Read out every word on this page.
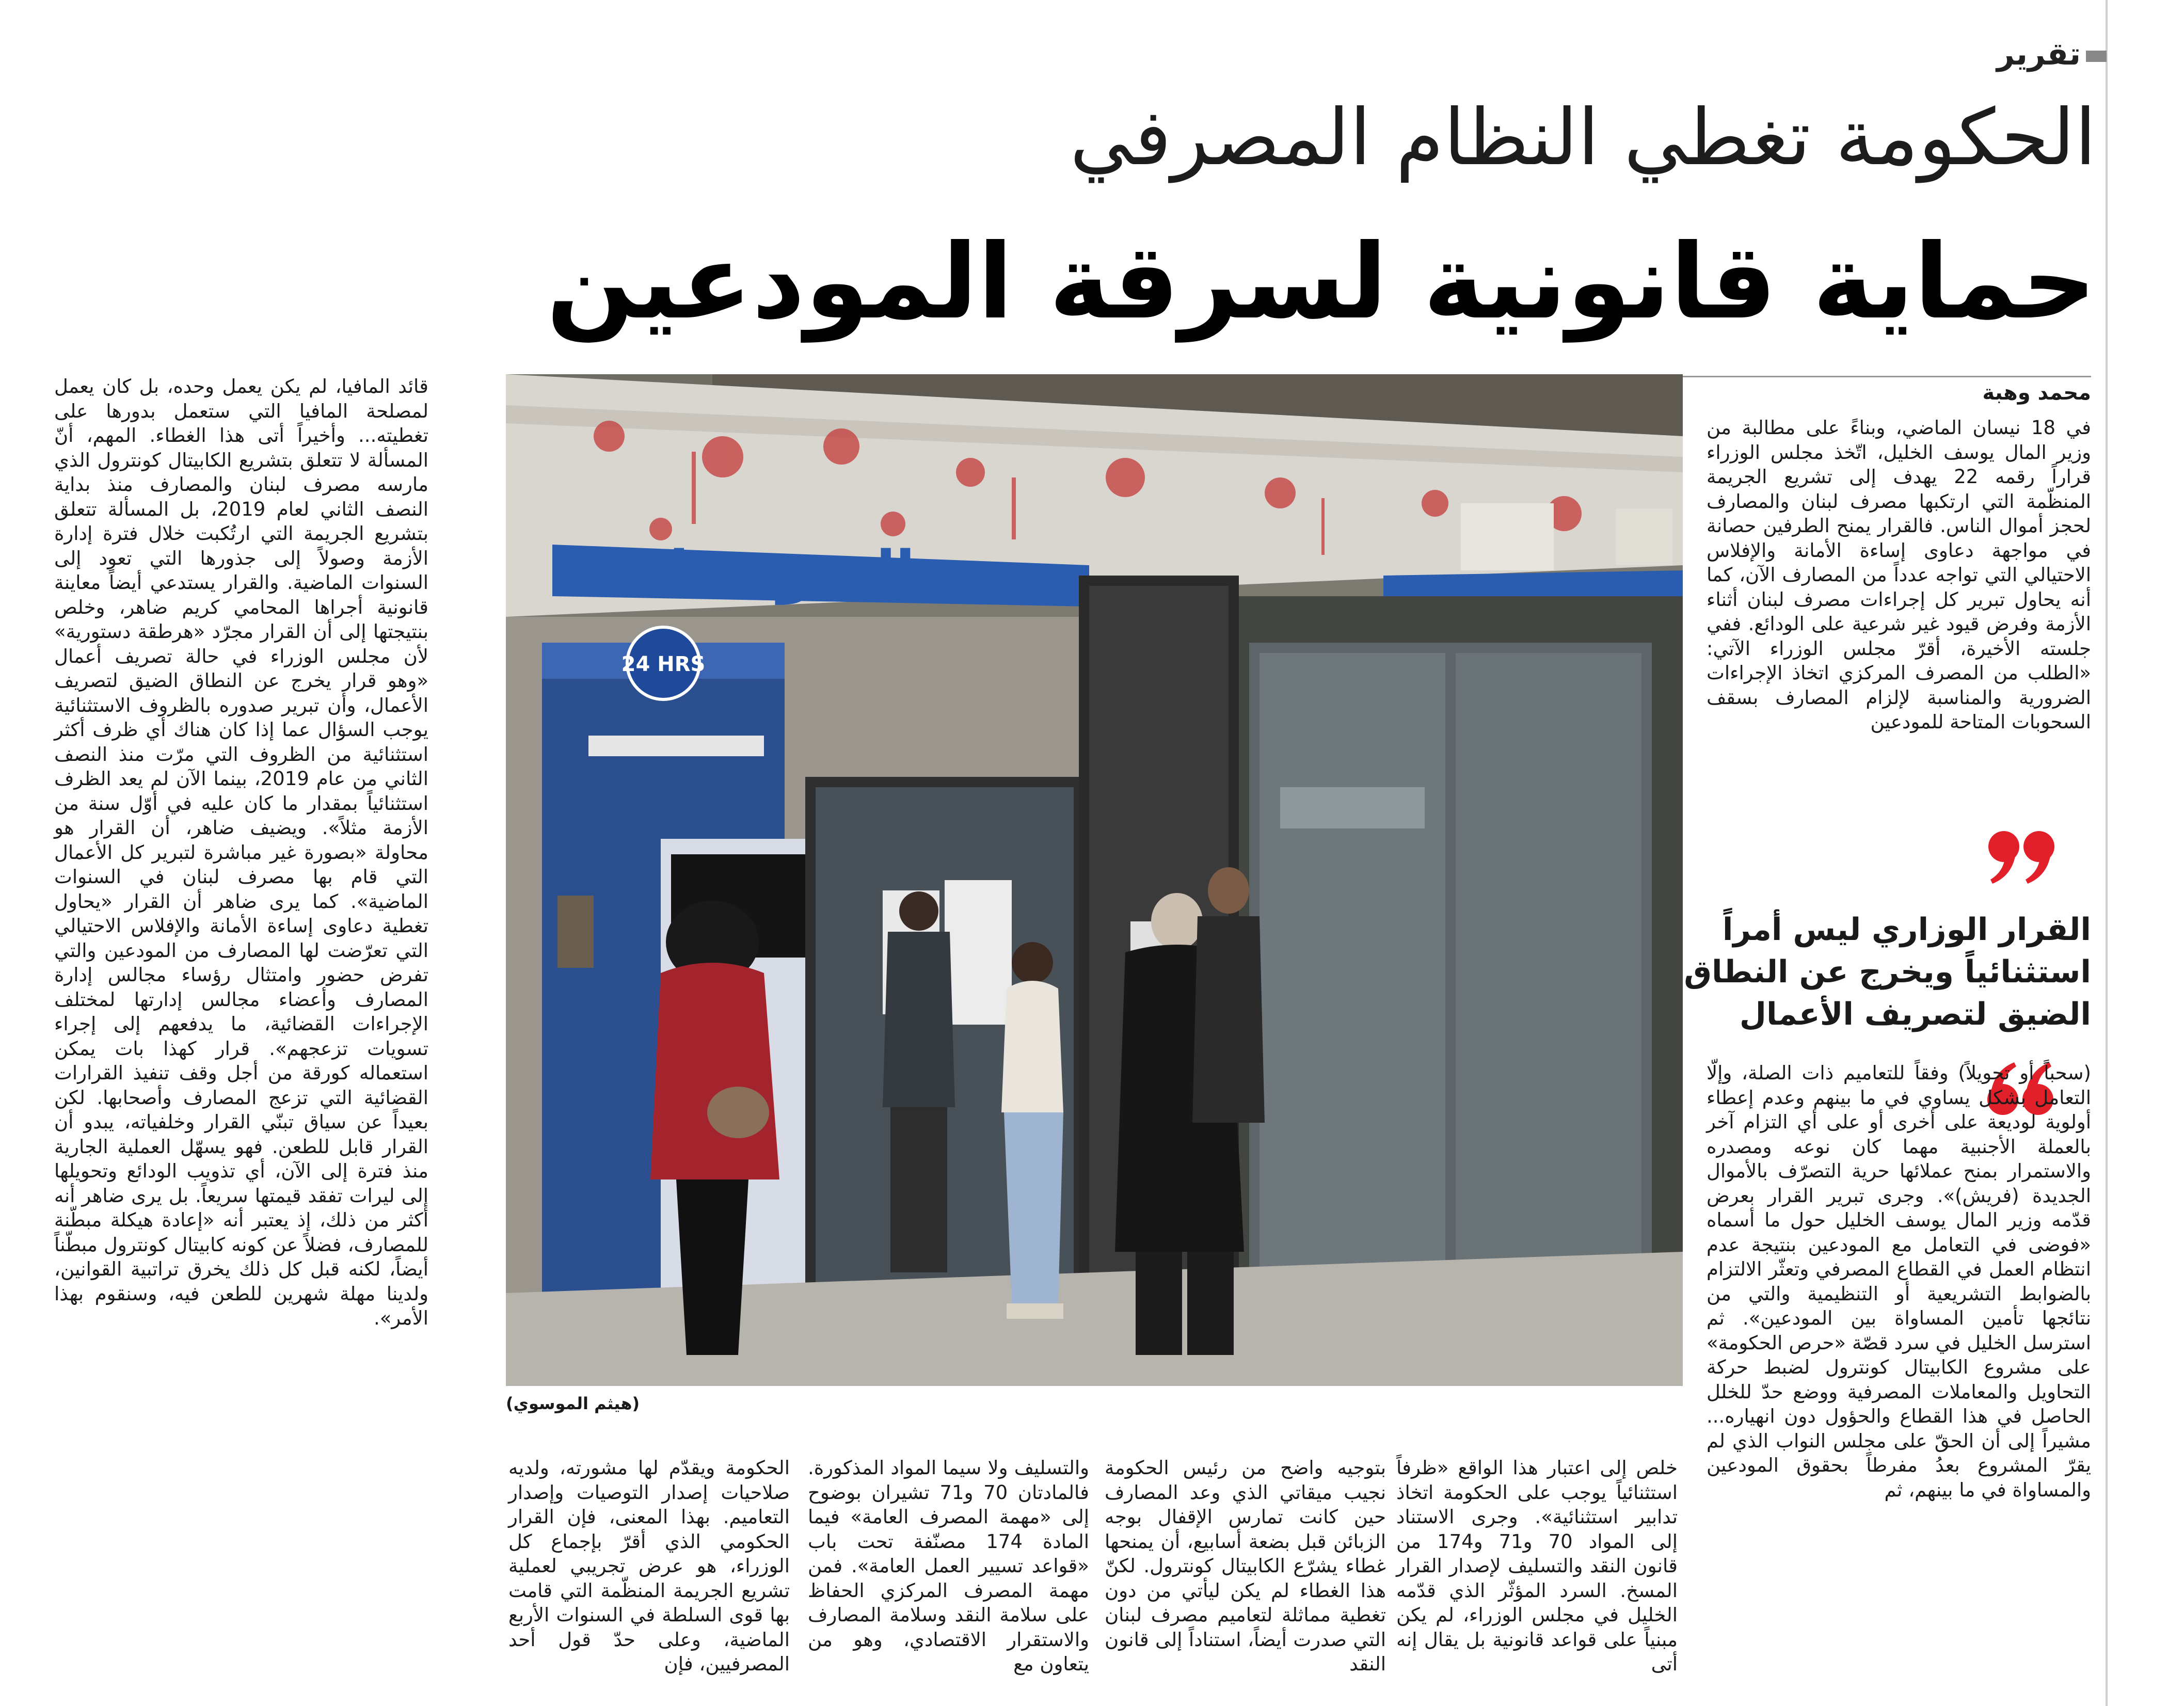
تقرير
الحكومة تغطي النظام المصرفي
حماية قانونية لسرقة المودعين
محمد وهبة

في 18 نيسان الماضي، وبناءً على مطالبة من وزير المال يوسف الخليل، اتّخذ مجلس الوزراء قراراً رقمه 22 يهدف إلى تشريع الجريمة المنظّمة التي ارتكبها مصرف لبنان والمصارف لحجز أموال الناس. فالقرار يمنح الطرفين حصانة في مواجهة دعاوى إساءة الأمانة والإفلاس الاحتيالي التي تواجه عدداً من المصارف الآن، كما أنه يحاول تبرير كل إجراءات مصرف لبنان أثناء الأزمة وفرض قيود غير شرعية على الودائع. ففي جلسته الأخيرة، أقرّ مجلس الوزراء الآتي: «الطلب من المصرف المركزي اتخاذ الإجراءات الضرورية والمناسبة لإلزام المصارف بسقف السحوبات المتاحة للمودعين

القرار الوزاري ليس أمراً استثنائياً ويخرج عن النطاق الضيق لتصريف الأعمال

(سحباً أو تحويلاً) وفقاً للتعاميم ذات الصلة، وإلّا التعامل بشكل يساوي في ما بينهم وعدم إعطاء أولوية لوديعة على أخرى أو على أي التزام آخر بالعملة الأجنبية مهما كان نوعه ومصدره والاستمرار بمنح عملائها حرية التصرّف بالأموال الجديدة (فريش)». وجرى تبرير القرار بعرض قدّمه وزير المال يوسف الخليل حول ما أسماه «فوضى في التعامل مع المودعين بنتيجة عدم انتظام العمل في القطاع المصرفي وتعثّر الالتزام بالضوابط التشريعية أو التنظيمية والتي من نتائجها تأمين المساواة بين المودعين». ثم استرسل الخليل في سرد قصّة «حرص الحكومة» على مشروع الكابيتال كونترول لضبط حركة التحاويل والمعاملات المصرفية ووضع حدّ للخلل الحاصل في هذا القطاع والحؤول دون انهياره... مشيراً إلى أن الحقّ على مجلس النواب الذي لم يقرّ المشروع بعدُ مفرطاً بحقوق المودعين والمساواة في ما بينهم، ثم

المتوسط
24 HRS
(هيثم الموسوي)

خلص إلى اعتبار هذا الواقع «ظرفاً استثنائياً يوجب على الحكومة اتخاذ تدابير استثنائية». وجرى الاستناد إلى المواد 70 و71 و174 من قانون النقد والتسليف لإصدار القرار المسخ. السرد المؤثّر الذي قدّمه الخليل في مجلس الوزراء، لم يكن مبنياً على قواعد قانونية بل يقال إنه أتى

بتوجيه واضح من رئيس الحكومة نجيب ميقاتي الذي وعد المصارف حين كانت تمارس الإقفال بوجه الزبائن قبل بضعة أسابيع، أن يمنحها غطاء يشرّع الكابيتال كونترول. لكنّ هذا الغطاء لم يكن ليأتي من دون تغطية مماثلة لتعاميم مصرف لبنان التي صدرت أيضاً، استناداً إلى قانون النقد

والتسليف ولا سيما المواد المذكورة. فالمادتان 70 و71 تشيران بوضوح إلى «مهمة المصرف العامة» فيما المادة 174 مصنّفة تحت باب «قواعد تسيير العمل العامة». فمن مهمة المصرف المركزي الحفاظ على سلامة النقد وسلامة المصارف والاستقرار الاقتصادي، وهو من يتعاون مع

الحكومة ويقدّم لها مشورته، ولديه صلاحيات إصدار التوصيات وإصدار التعاميم. بهذا المعنى، فإن القرار الحكومي الذي أقرّ بإجماع كل الوزراء، هو عرض تجريبي لعملية تشريع الجريمة المنظّمة التي قامت بها قوى السلطة في السنوات الأربع الماضية، وعلى حدّ قول أحد المصرفيين، فإن

قائد المافيا، لم يكن يعمل وحده، بل كان يعمل لمصلحة المافيا التي ستعمل بدورها على تغطيته... وأخيراً أتى هذا الغطاء. المهم، أنّ المسألة لا تتعلق بتشريع الكابيتال كونترول الذي مارسه مصرف لبنان والمصارف منذ بداية النصف الثاني لعام 2019، بل المسألة تتعلق بتشريع الجريمة التي ارتُكبت خلال فترة إدارة الأزمة وصولاً إلى جذورها التي تعود إلى السنوات الماضية. والقرار يستدعي أيضاً معاينة قانونية أجراها المحامي كريم ضاهر، وخلص بنتيجتها إلى أن القرار مجرّد «هرطقة دستورية» لأن مجلس الوزراء في حالة تصريف أعمال «وهو قرار يخرج عن النطاق الضيق لتصريف الأعمال، وأن تبرير صدوره بالظروف الاستثنائية يوجب السؤال عما إذا كان هناك أي ظرف أكثر استثنائية من الظروف التي مرّت منذ النصف الثاني من عام 2019، بينما الآن لم يعد الظرف استثنائياً بمقدار ما كان عليه في أوّل سنة من الأزمة مثلاً». ويضيف ضاهر، أن القرار هو محاولة «بصورة غير مباشرة لتبرير كل الأعمال التي قام بها مصرف لبنان في السنوات الماضية». كما يرى ضاهر أن القرار «يحاول تغطية دعاوى إساءة الأمانة والإفلاس الاحتيالي التي تعرّضت لها المصارف من المودعين والتي تفرض حضور وامتثال رؤساء مجالس إدارة المصارف وأعضاء مجالس إدارتها لمختلف الإجراءات القضائية، ما يدفعهم إلى إجراء تسويات تزعجهم». قرار كهذا بات يمكن استعماله كورقة من أجل وقف تنفيذ القرارات القضائية التي تزعج المصارف وأصحابها. لكن بعيداً عن سياق تبنّي القرار وخلفياته، يبدو أن القرار قابل للطعن. فهو يسهّل العملية الجارية منذ فترة إلى الآن، أي تذويب الودائع وتحويلها إلى ليرات تفقد قيمتها سريعاً. بل يرى ضاهر أنه أكثر من ذلك، إذ يعتبر أنه «إعادة هيكلة مبطّنة للمصارف، فضلاً عن كونه كابيتال كونترول مبطّناً أيضاً، لكنه قبل كل ذلك يخرق تراتبية القوانين، ولدينا مهلة شهرين للطعن فيه، وسنقوم بهذا الأمر».
